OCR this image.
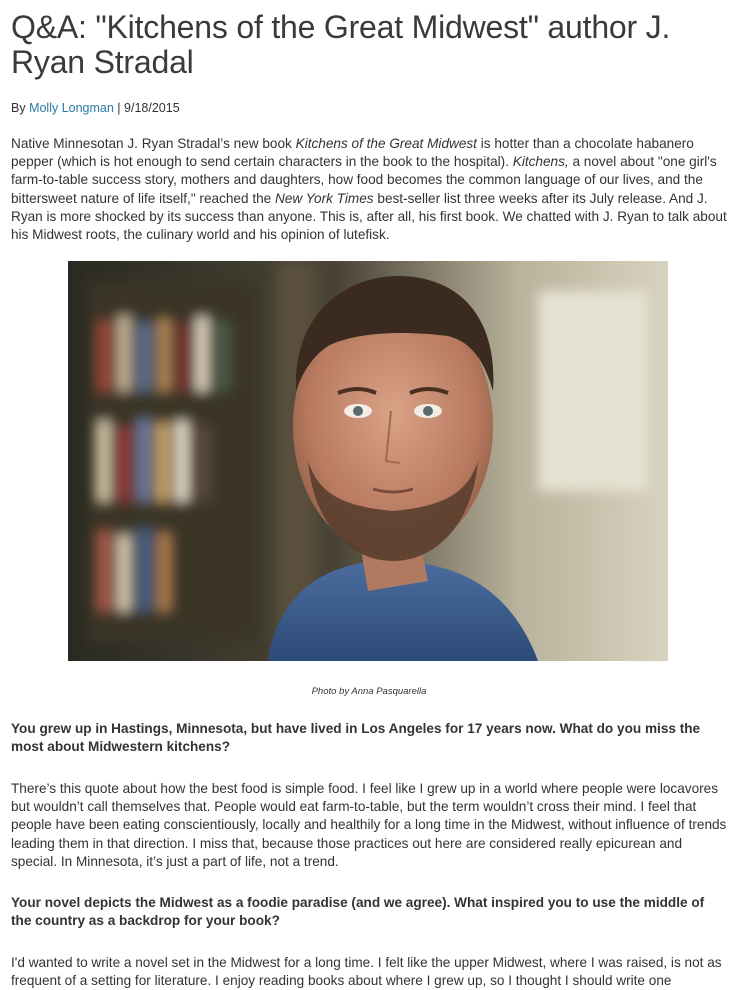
Q&A: "Kitchens of the Great Midwest" author J. Ryan Stradal
By Molly Longman | 9/18/2015

Native Minnesotan J. Ryan Stradal’s new book Kitchens of the Great Midwest is hotter than a chocolate habanero pepper (which is hot enough to send certain characters in the book to the hospital). Kitchens, a novel about "one girl's farm-to-table success story, mothers and daughters, how food becomes the common language of our lives, and the bittersweet nature of life itself," reached the New York Times best-seller list three weeks after its July release. And J. Ryan is more shocked by its success than anyone. This is, after all, his first book. We chatted with J. Ryan to talk about his Midwest roots, the culinary world and his opinion of lutefisk.

Photo by Anna Pasquarella

You grew up in Hastings, Minnesota, but have lived in Los Angeles for 17 years now. What do you miss the most about Midwestern kitchens?

There’s this quote about how the best food is simple food. I feel like I grew up in a world where people were locavores but wouldn’t call themselves that. People would eat farm-to-table, but the term wouldn’t cross their mind. I feel that people have been eating conscientiously, locally and healthily for a long time in the Midwest, without influence of trends leading them in that direction. I miss that, because those practices out here are considered really epicurean and special. In Minnesota, it’s just a part of life, not a trend.

Your novel depicts the Midwest as a foodie paradise (and we agree). What inspired you to use the middle of the country as a backdrop for your book?

I'd wanted to write a novel set in the Midwest for a long time. I felt like the upper Midwest, where I was raised, is not as frequent of a setting for literature. I enjoy reading books about where I grew up, so I thought I should write one
